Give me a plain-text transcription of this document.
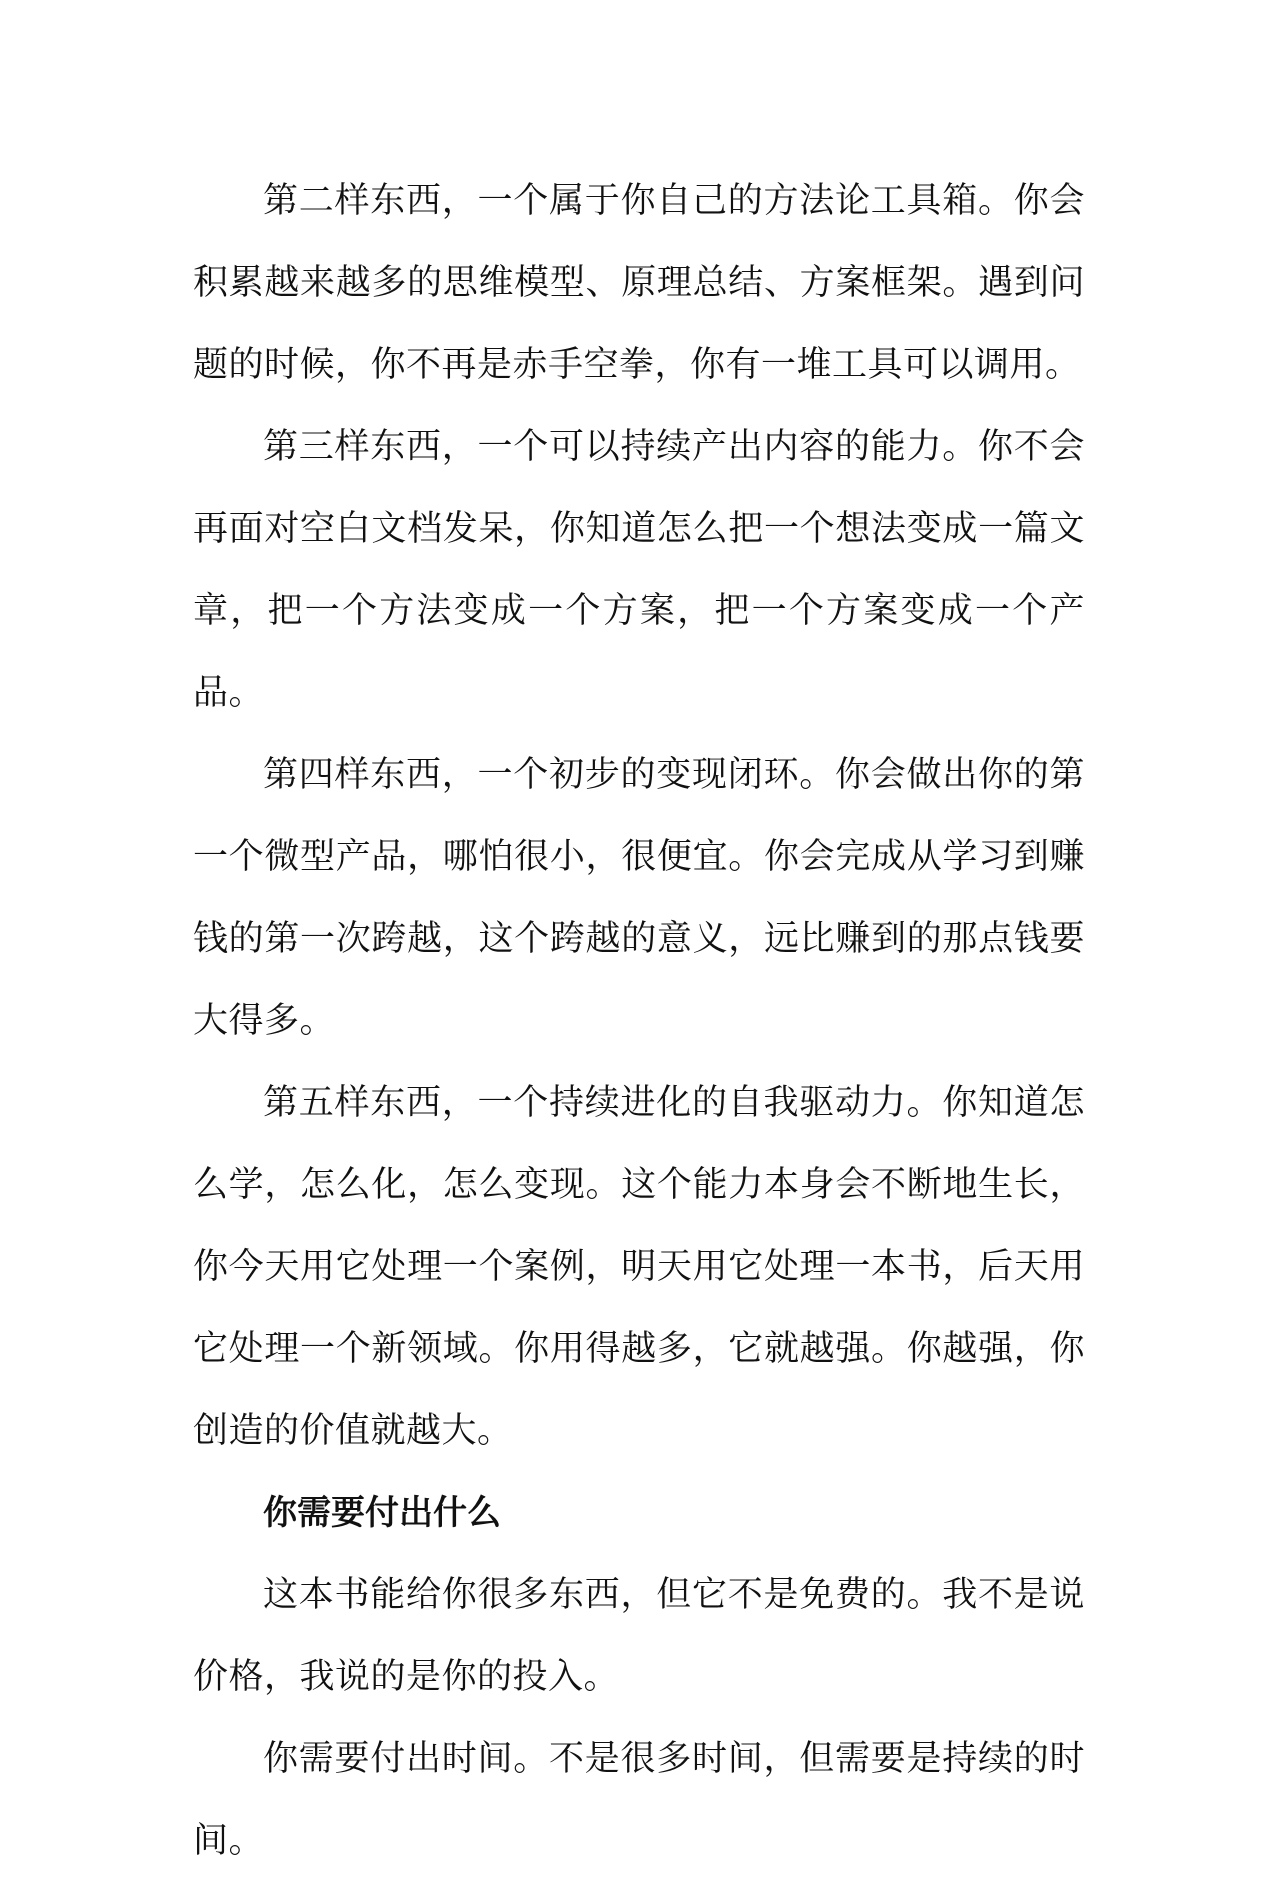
第二样东西，一个属于你自己的方法论工具箱。你会积累越来越多的思维模型、原理总结、方案框架。遇到问题的时候，你不再是赤手空拳，你有一堆工具可以调用。

第三样东西，一个可以持续产出内容的能力。你不会再面对空白文档发呆，你知道怎么把一个想法变成一篇文章，把一个方法变成一个方案，把一个方案变成一个产品。

第四样东西，一个初步的变现闭环。你会做出你的第一个微型产品，哪怕很小，很便宜。你会完成从学习到赚钱的第一次跨越，这个跨越的意义，远比赚到的那点钱要大得多。

第五样东西，一个持续进化的自我驱动力。你知道怎么学，怎么化，怎么变现。这个能力本身会不断地生长，你今天用它处理一个案例，明天用它处理一本书，后天用它处理一个新领域。你用得越多，它就越强。你越强，你创造的价值就越大。

你需要付出什么

这本书能给你很多东西，但它不是免费的。我不是说价格，我说的是你的投入。

你需要付出时间。不是很多时间，但需要是持续的时间。
